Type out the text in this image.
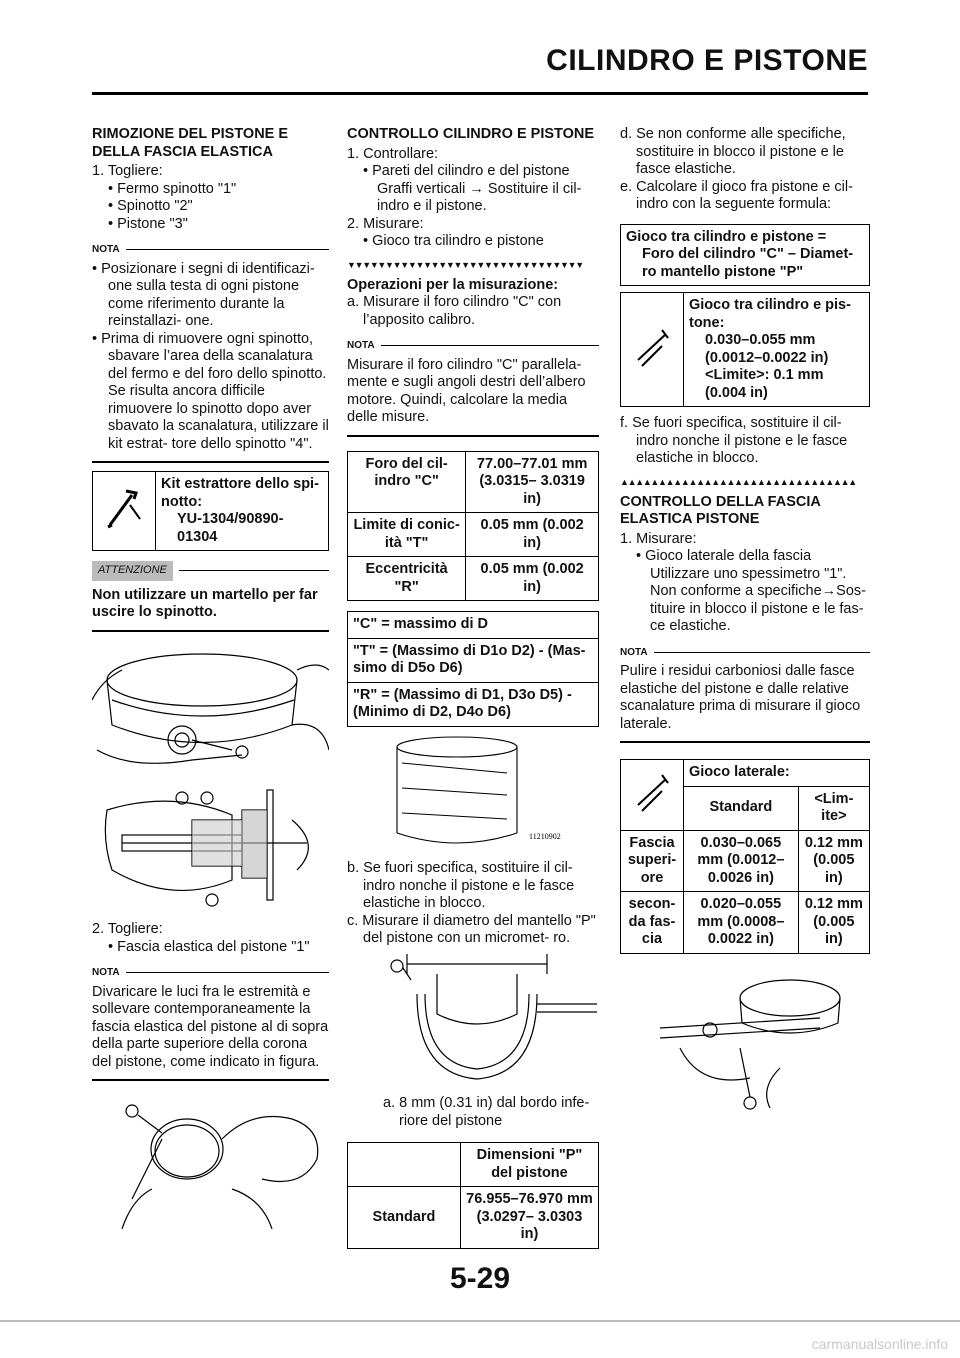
CILINDRO E PISTONE
RIMOZIONE DEL PISTONE E DELLA FASCIA ELASTICA

1. Togliere:

• Fermo spinotto "1"

• Spinotto "2"

• Pistone "3"

NOTA

• Posizionare i segni di identificazi- one sulla testa di ogni pistone come riferimento durante la reinstallazi- one.

• Prima di rimuovere ogni spinotto, sbavare l’area della scanalatura del fermo e del foro dello spinotto. Se risulta ancora difficile rimuovere lo spinotto dopo aver sbavato la scanalatura, utilizzare il kit estrat- tore dello spinotto "4".

Kit estrattore dello spi- notto:
YU-1304/90890-01304
ATTENZIONE

Non utilizzare un martello per far uscire lo spinotto.

2. Togliere:

• Fascia elastica del pistone "1"

NOTA

Divaricare le luci fra le estremità e sollevare contemporaneamente la fascia elastica del pistone al di sopra della parte superiore della corona del pistone, come indicato in figura.

CONTROLLO CILINDRO E PISTONE

1. Controllare:

• Pareti del cilindro e del pistone

Graffi verticali → Sostituire il cil- indro e il pistone.

2. Misurare:

• Gioco tra cilindro e pistone

▼▼▼▼▼▼▼▼▼▼▼▼▼▼▼▼▼▼▼▼▼▼▼▼▼▼▼▼▼▼▼

Operazioni per la misurazione:

a. Misurare il foro cilindro "C" con l’apposito calibro.

NOTA

Misurare il foro cilindro "C" parallela- mente e sugli angoli destri dell’albero motore. Quindi, calcolare la media delle misure.

Foro del cil- indro "C"	77.00–77.01 mm (3.0315– 3.0319 in)
Limite di conic- ità "T"	0.05 mm (0.002 in)
Eccentricità "R"	0.05 mm (0.002 in)
"C" = massimo di D
"T" = (Massimo di D1o D2) - (Mas- simo di D5o D6)
"R" = (Massimo di D1, D3o D5) - (Minimo di D2, D4o D6)
11210902

b. Se fuori specifica, sostituire il cil- indro nonche il pistone e le fasce elastiche in blocco.

c. Misurare il diametro del mantello "P" del pistone con un micromet- ro.

a. 8 mm (0.31 in) dal bordo infe- riore del pistone

	Dimensioni "P" del pistone
Standard	76.955–76.970 mm (3.0297– 3.0303 in)

d. Se non conforme alle specifiche, sostituire in blocco il pistone e le fasce elastiche.

e. Calcolare il gioco fra pistone e cil- indro con la seguente formula:

Gioco tra cilindro e pistone =
Foro del cilindro "C" – Diamet- ro mantello pistone "P"

Gioco tra cilindro e pis- tone:
0.030–0.055 mm
(0.0012–0.0022 in)
<Limite>: 0.1 mm
(0.004 in)

f. Se fuori specifica, sostituire il cil- indro nonche il pistone e le fasce elastiche in blocco.

▲▲▲▲▲▲▲▲▲▲▲▲▲▲▲▲▲▲▲▲▲▲▲▲▲▲▲▲▲▲▲
CONTROLLO DELLA FASCIA ELASTICA PISTONE

1. Misurare:

• Gioco laterale della fascia

Utilizzare uno spessimetro "1". Non conforme a specifiche→Sos- tituire in blocco il pistone e le fas- ce elastiche.

NOTA

Pulire i residui carboniosi dalle fasce elastiche del pistone e dalle relative scanalature prima di misurare il gioco laterale.

	Gioco laterale:	
	Standard	<Lim- ite>
Fascia superi- ore	0.030–0.065 mm (0.0012– 0.0026 in)	0.12 mm (0.005 in)
secon- da fas- cia	0.020–0.055 mm (0.0008– 0.0022 in)	0.12 mm (0.005 in)
5-29
carmanualsonline.info
